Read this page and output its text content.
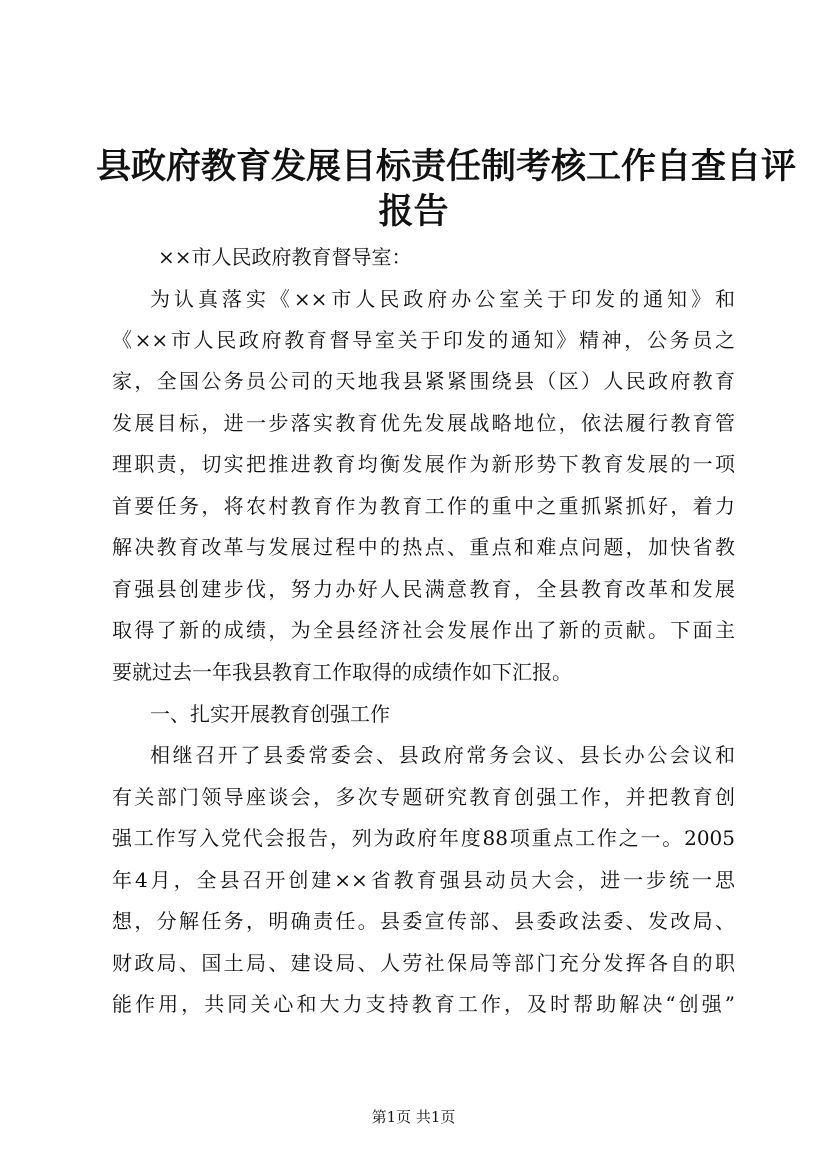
县政府教育发展目标责任制考核工作自查自评
报告
××市人民政府教育督导室：
为认真落实《××市人民政府办公室关于印发的通知》和
《××市人民政府教育督导室关于印发的通知》精神，公务员之
家，全国公务员公司的天地我县紧紧围绕县（区）人民政府教育
发展目标，进一步落实教育优先发展战略地位，依法履行教育管
理职责，切实把推进教育均衡发展作为新形势下教育发展的一项
首要任务，将农村教育作为教育工作的重中之重抓紧抓好，着力
解决教育改革与发展过程中的热点、重点和难点问题，加快省教
育强县创建步伐，努力办好人民满意教育，全县教育改革和发展
取得了新的成绩，为全县经济社会发展作出了新的贡献。下面主
要就过去一年我县教育工作取得的成绩作如下汇报。
一、扎实开展教育创强工作
相继召开了县委常委会、县政府常务会议、县长办公会议和
有关部门领导座谈会，多次专题研究教育创强工作，并把教育创
强工作写入党代会报告，列为政府年度88项重点工作之一。2005
年4月，全县召开创建××省教育强县动员大会，进一步统一思
想，分解任务，明确责任。县委宣传部、县委政法委、发改局、
财政局、国土局、建设局、人劳社保局等部门充分发挥各自的职
能作用，共同关心和大力支持教育工作，及时帮助解决“创强”
第1页 共1页
